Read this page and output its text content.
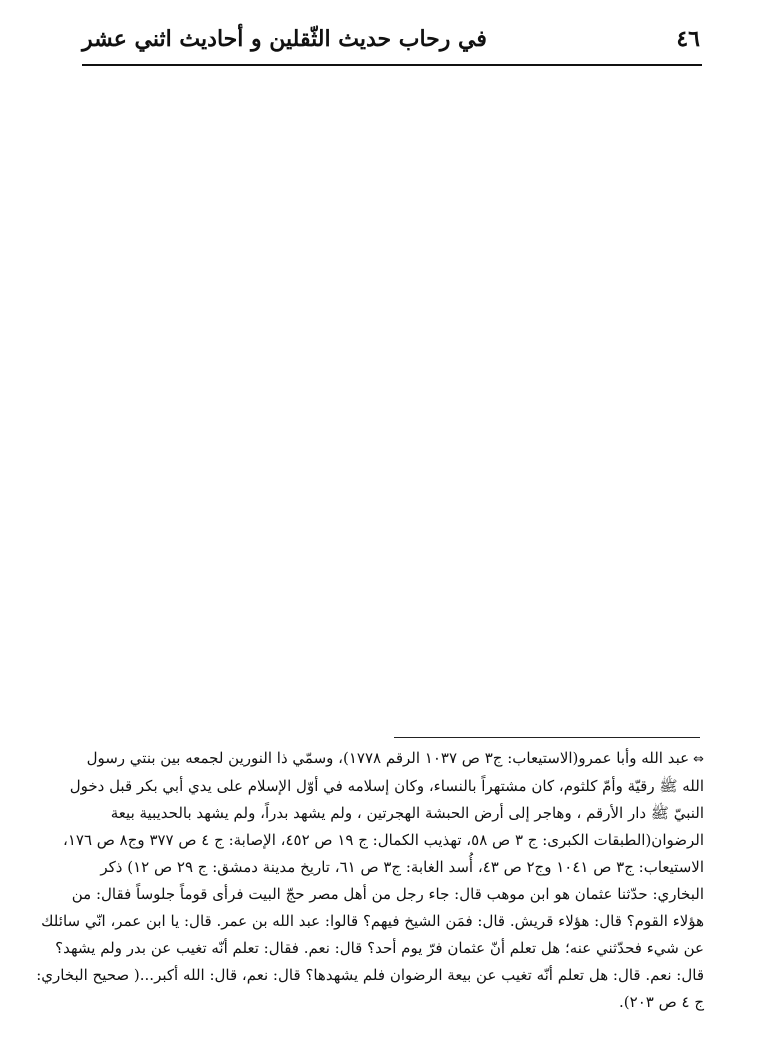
٤٦
في رحاب حديث الثّقلين و أحاديث اثني عشر
⇔عبد الله وأبا عمرو(الاستيعاب: ج٣ ص ١٠٣٧ الرقم ١٧٧٨)، وسمّي ذا النورين لجمعه بين بنتي رسول
الله ﷺ رقيّة وأمّ كلثوم، كان مشتهراً بالنساء، وكان إسلامه في أوّل الإسلام على يدي أبي بكر قبل دخول
النبيّ ﷺ دار الأرقم ، وهاجر إلى أرض الحبشة الهجرتين ، ولم يشهد بدراً، ولم يشهد بالحديبية بيعة
الرضوان(الطبقات الكبرى: ج ٣ ص ٥٨، تهذيب الكمال: ج ١٩ ص ٤٥٢، الإصابة: ج ٤ ص ٣٧٧ وج٨ ص ١٧٦،
الاستيعاب: ج٣ ص ١٠٤١ وج٢ ص ٤٣، أُسد الغابة: ج٣ ص ٦١، تاريخ مدينة دمشق: ج ٢٩ ص ١٢) ذكر
البخاري: حدّثنا عثمان هو ابن موهب قال: جاء رجل من أهل مصر حجّ البيت فرأى قوماً جلوساً فقال: من
هؤلاء القوم؟ قال: هؤلاء قريش. قال: فمَن الشيخ فيهم؟ قالوا: عبد الله بن عمر. قال: يا ابن عمر، انّي سائلك
عن شيء فحدّثني عنه؛ هل تعلم أنّ عثمان فرّ يوم أحد؟ قال: نعم. فقال: تعلم أنّه تغيب عن بدر ولم يشهد؟
قال: نعم. قال: هل تعلم أنّه تغيب عن بيعة الرضوان فلم يشهدها؟ قال: نعم، قال: الله أكبر...( صحيح البخاري:
ج ٤ ص ٢٠٣).
